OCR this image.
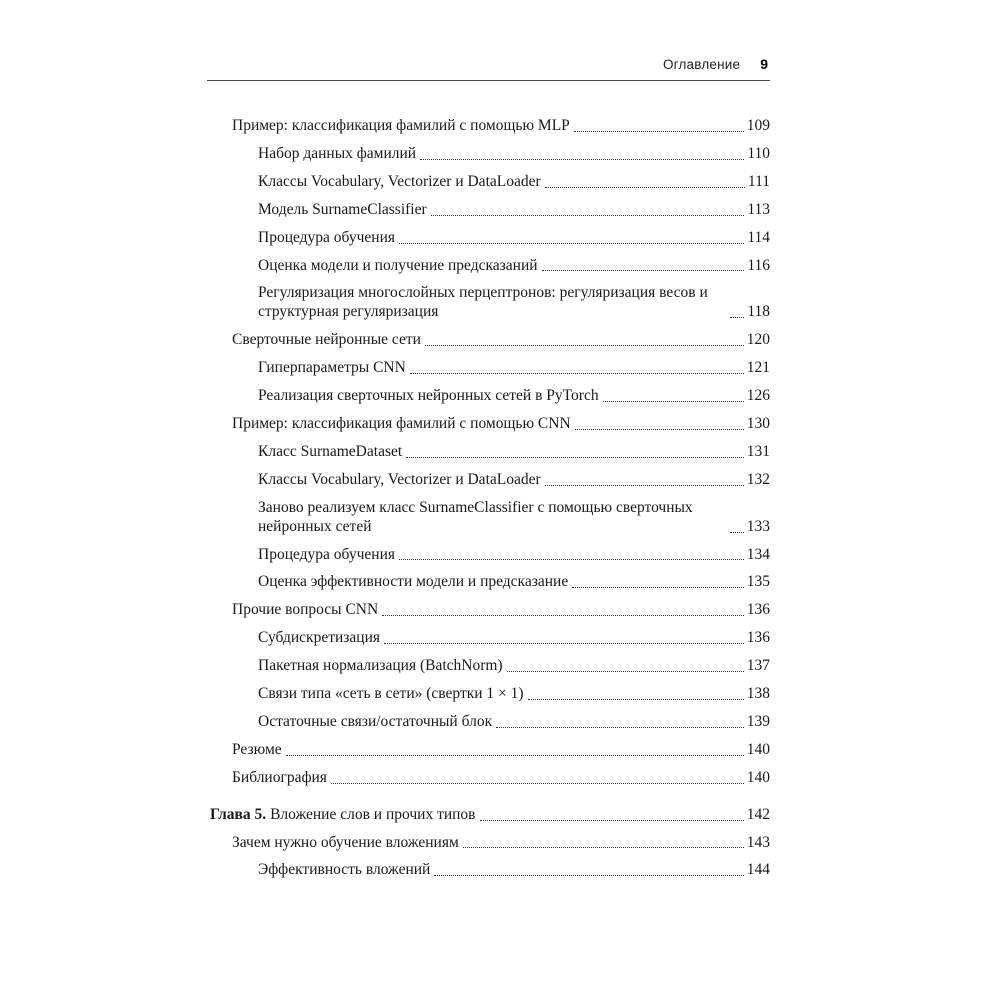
Оглавление 9
Пример: классификация фамилий с помощью MLP	109
Набор данных фамилий	110
Классы Vocabulary, Vectorizer и DataLoader	111
Модель SurnameClassifier	113
Процедура обучения	114
Оценка модели и получение предсказаний	116
Регуляризация многослойных перцептронов: регуляризация весов и структурная регуляризация	118
Сверточные нейронные сети	120
Гиперпараметры CNN	121
Реализация сверточных нейронных сетей в PyTorch	126
Пример: классификация фамилий с помощью CNN	130
Класс SurnameDataset	131
Классы Vocabulary, Vectorizer и DataLoader	132
Заново реализуем класс SurnameClassifier с помощью сверточных нейронных сетей	133
Процедура обучения	134
Оценка эффективности модели и предсказание	135
Прочие вопросы CNN	136
Субдискретизация	136
Пакетная нормализация (BatchNorm)	137
Связи типа «сеть в сети» (свертки 1 × 1)	138
Остаточные связи/остаточный блок	139
Резюме	140
Библиография	140
Глава 5. Вложение слов и прочих типов	142
Зачем нужно обучение вложениям	143
Эффективность вложений	144
